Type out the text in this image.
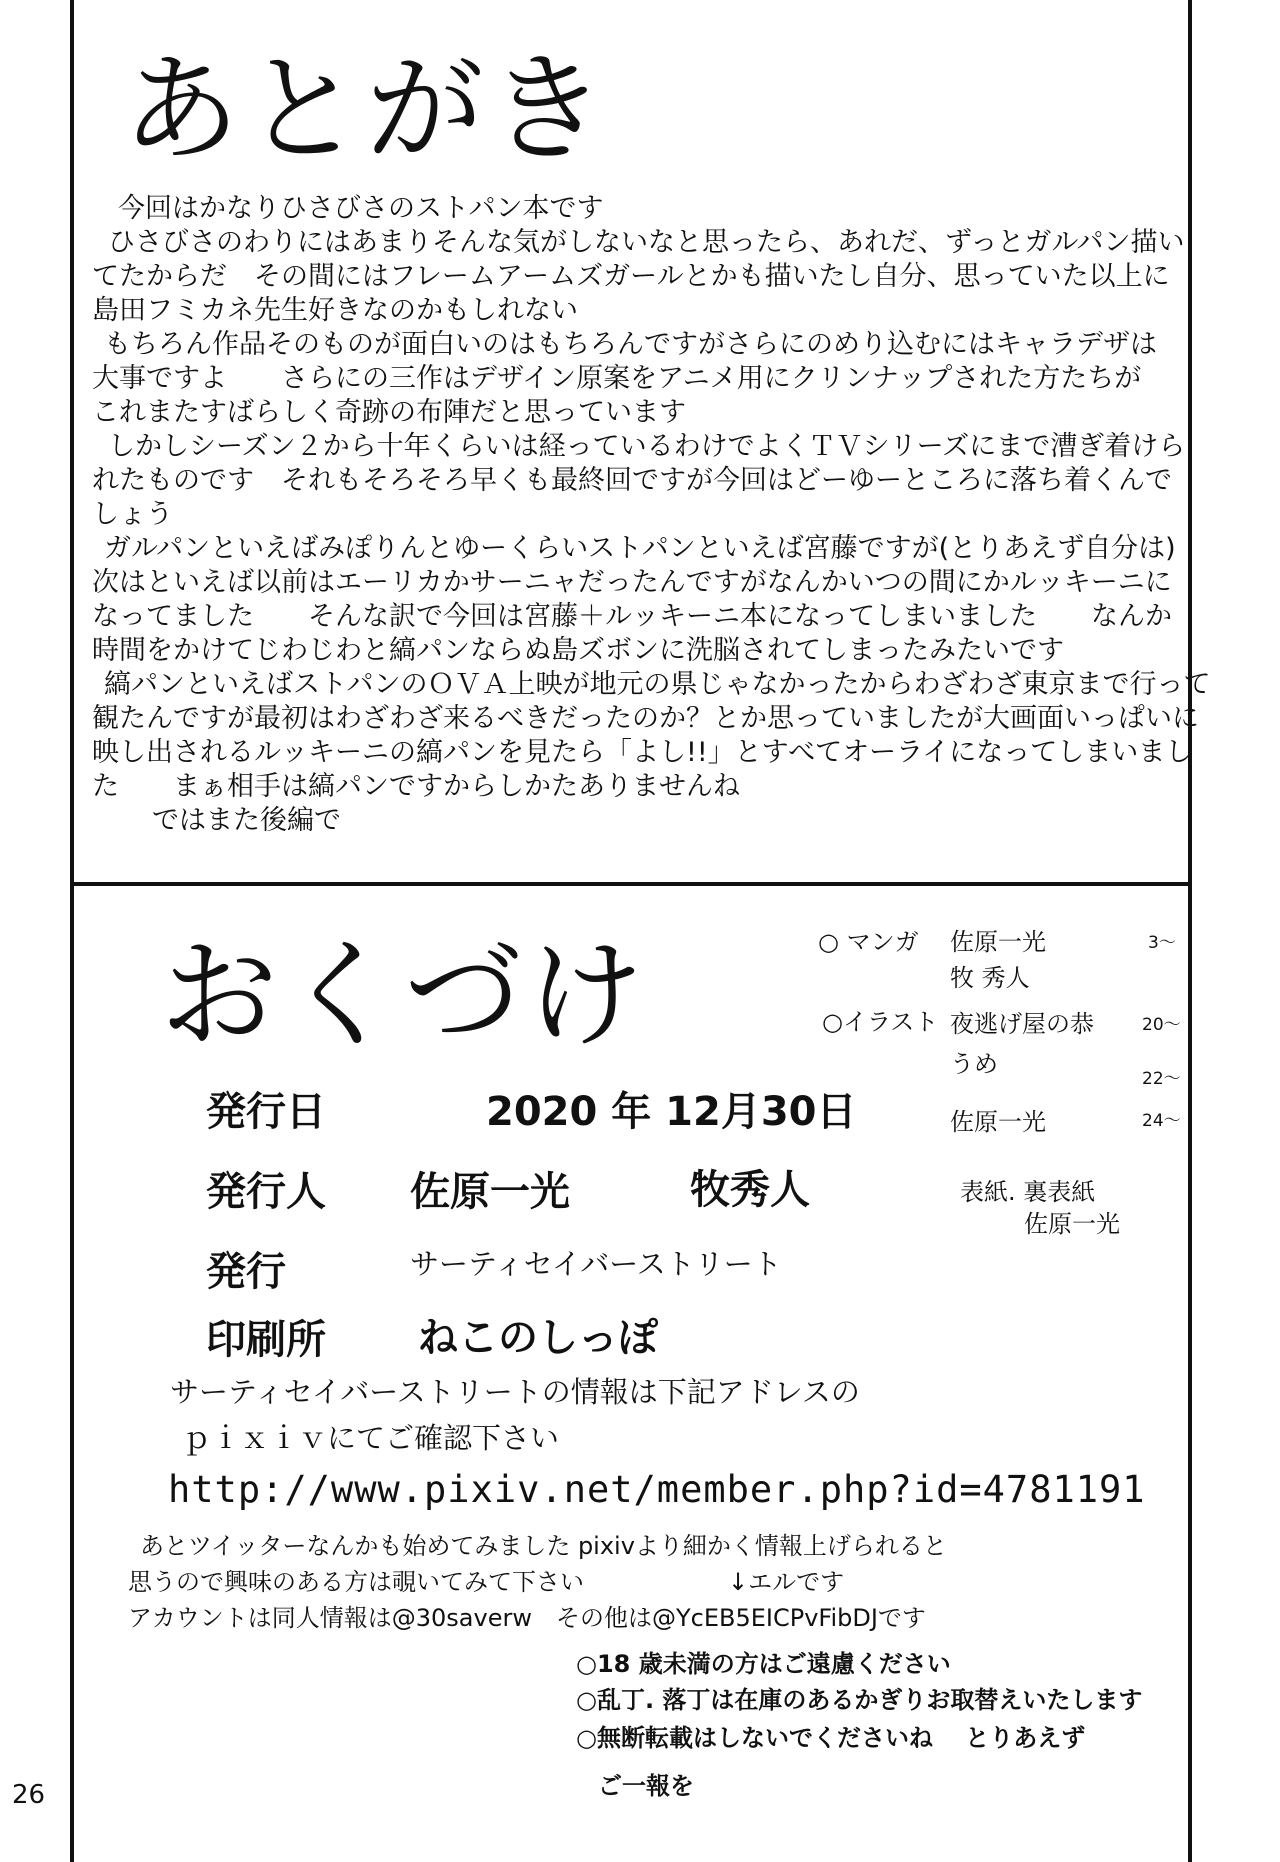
あとがき
今回はかなりひさびさのストパン本です
ひさびさのわりにはあまりそんな気がしないなと思ったら、あれだ、ずっとガルパン描い
てたからだ　その間にはフレームアームズガールとかも描いたし自分、思っていた以上に
島田フミカネ先生好きなのかもしれない
もちろん作品そのものが面白いのはもちろんですがさらにのめり込むにはキャラデザは
大事ですよ　　さらにの三作はデザイン原案をアニメ用にクリンナップされた方たちが
これまたすばらしく奇跡の布陣だと思っています
しかしシーズン２から十年くらいは経っているわけでよくＴＶシリーズにまで漕ぎ着けら
れたものです　それもそろそろ早くも最終回ですが今回はどーゆーところに落ち着くんで
しょう
ガルパンといえばみぽりんとゆーくらいストパンといえば宮藤ですが(とりあえず自分は)
次はといえば以前はエーリカかサーニャだったんですがなんかいつの間にかルッキーニに
なってました　　そんな訳で今回は宮藤＋ルッキーニ本になってしまいました　　なんか
時間をかけてじわじわと縞パンならぬ島ズボンに洗脳されてしまったみたいです
縞パンといえばストパンのＯＶＡ上映が地元の県じゃなかったからわざわざ東京まで行って
観たんですが最初はわざわざ来るべきだったのか？とか思っていましたが大画面いっぱいに
映し出されるルッキーニの縞パンを見たら「よし!!」とすべてオーライになってしまいまし
た　　まぁ相手は縞パンですからしかたありませんね
ではまた後編で
おくづけ	○ マンガ 佐原一光	3～
牧 秀人
○イラスト 夜逃げ屋の恭	20～
うめ
22～
佐原一光	24～
表紙. 裏表紙
佐原一光
発行日	2020 年 12月30日
発行人 佐原一光	牧秀人
発行	サーティセイバーストリート
印刷所 ねこのしっぽ
サーティセイバーストリートの情報は下記アドレスの
ｐｉｘｉｖにてご確認下さい
http://www.pixiv.net/member.php?id=4781191
あとツイッターなんかも始めてみました pixivより細かく情報上げられると
思うので興味のある方は覗いてみて下さい　　　　　　↓エルです
アカウントは同人情報は@30saverw　その他は@YcEB5EICPvFibDJです
○18 歳未満の方はご遠慮ください
○乱丁. 落丁は在庫のあるかぎりお取替えいたします
○無断転載はしないでくださいね　 とりあえず
ご一報を
26
